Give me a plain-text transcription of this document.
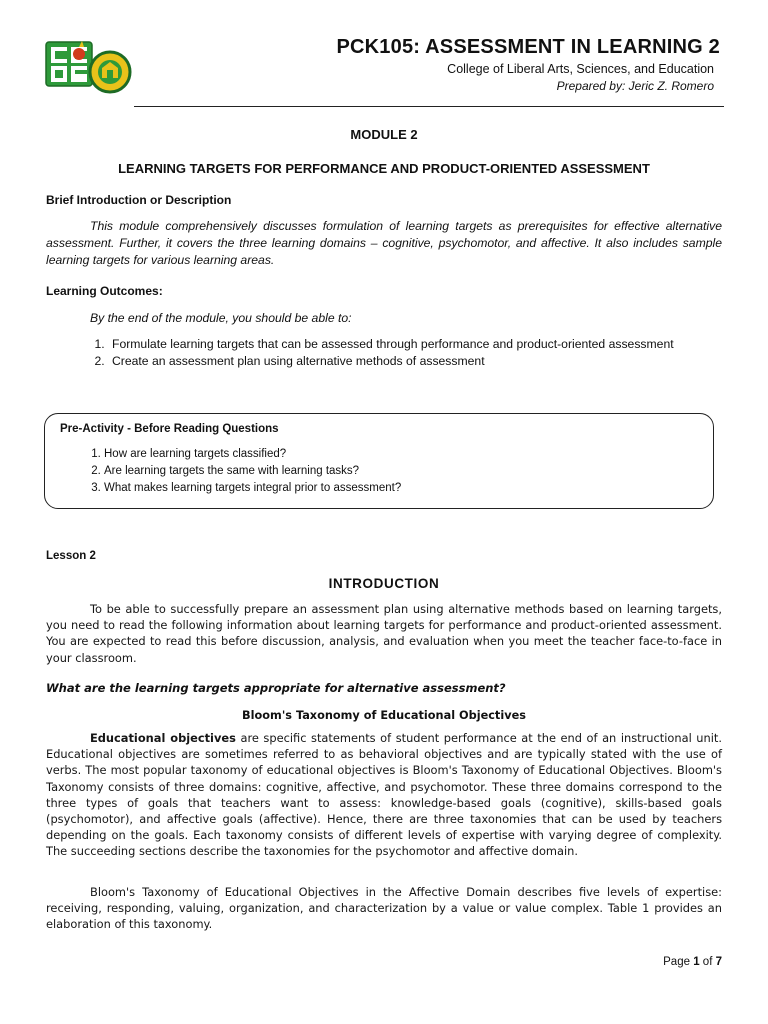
PCK105: ASSESSMENT IN LEARNING 2
College of Liberal Arts, Sciences, and Education
Prepared by: Jeric Z. Romero
MODULE 2
LEARNING TARGETS FOR PERFORMANCE AND PRODUCT-ORIENTED ASSESSMENT
Brief Introduction or Description
This module comprehensively discusses formulation of learning targets as prerequisites for effective alternative assessment. Further, it covers the three learning domains – cognitive, psychomotor, and affective. It also includes sample learning targets for various learning areas.
Learning Outcomes:
By the end of the module, you should be able to:
1. Formulate learning targets that can be assessed through performance and product-oriented assessment
2. Create an assessment plan using alternative methods of assessment
Pre-Activity - Before Reading Questions
1. How are learning targets classified?
2. Are learning targets the same with learning tasks?
3. What makes learning targets integral prior to assessment?
Lesson 2
INTRODUCTION
To be able to successfully prepare an assessment plan using alternative methods based on learning targets, you need to read the following information about learning targets for performance and product-oriented assessment. You are expected to read this before discussion, analysis, and evaluation when you meet the teacher face-to-face in your classroom.
What are the learning targets appropriate for alternative assessment?
Bloom's Taxonomy of Educational Objectives
Educational objectives are specific statements of student performance at the end of an instructional unit. Educational objectives are sometimes referred to as behavioral objectives and are typically stated with the use of verbs. The most popular taxonomy of educational objectives is Bloom's Taxonomy of Educational Objectives. Bloom's Taxonomy consists of three domains: cognitive, affective, and psychomotor. These three domains correspond to the three types of goals that teachers want to assess: knowledge-based goals (cognitive), skills-based goals (psychomotor), and affective goals (affective). Hence, there are three taxonomies that can be used by teachers depending on the goals. Each taxonomy consists of different levels of expertise with varying degree of complexity. The succeeding sections describe the taxonomies for the psychomotor and affective domain.
Bloom's Taxonomy of Educational Objectives in the Affective Domain describes five levels of expertise: receiving, responding, valuing, organization, and characterization by a value or value complex. Table 1 provides an elaboration of this taxonomy.
Page 1 of 7
